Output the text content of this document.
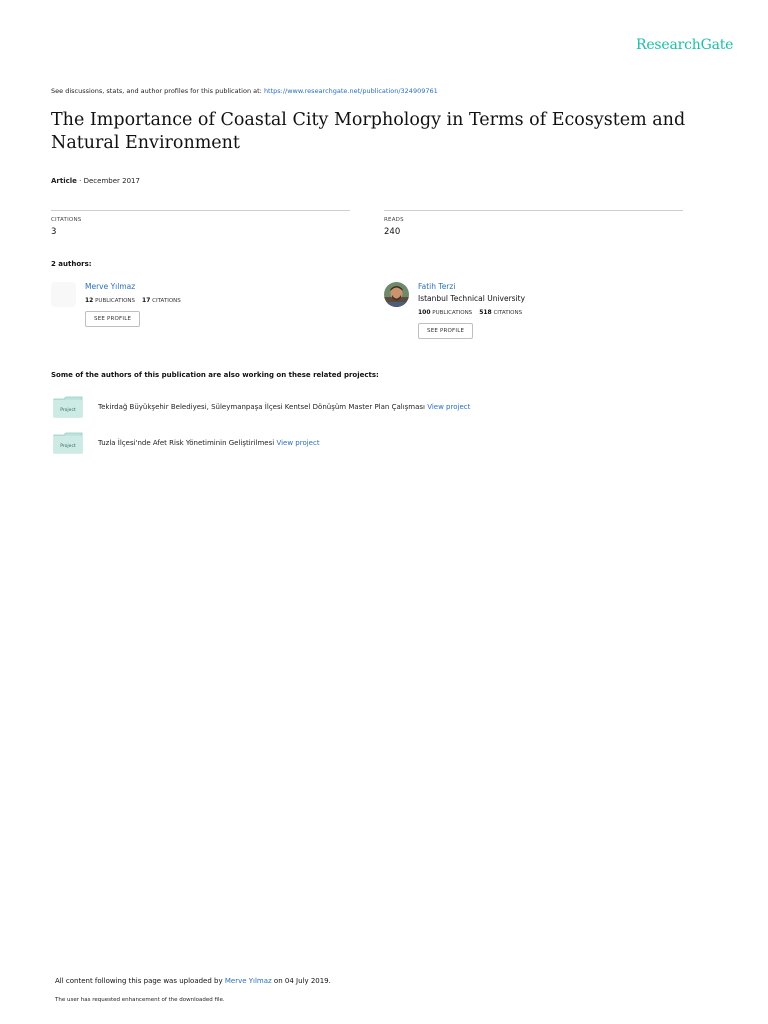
ResearchGate
See discussions, stats, and author profiles for this publication at: https://www.researchgate.net/publication/324909761
The Importance of Coastal City Morphology in Terms of Ecosystem and Natural Environment
Article · December 2017
CITATIONS
3
READS
240
2 authors:
Merve Yılmaz
12 PUBLICATIONS 17 CITATIONS
SEE PROFILE
Fatih Terzi
Istanbul Technical University
100 PUBLICATIONS 518 CITATIONS
SEE PROFILE
Some of the authors of this publication are also working on these related projects:
Project	Tekirdağ Büyükşehir Belediyesi, Süleymanpaşa İlçesi Kentsel Dönüşüm Master Plan Çalışması View project
Project	Tuzla İlçesi'nde Afet Risk Yönetiminin Geliştirilmesi View project
All content following this page was uploaded by Merve Yılmaz on 04 July 2019.
The user has requested enhancement of the downloaded file.
